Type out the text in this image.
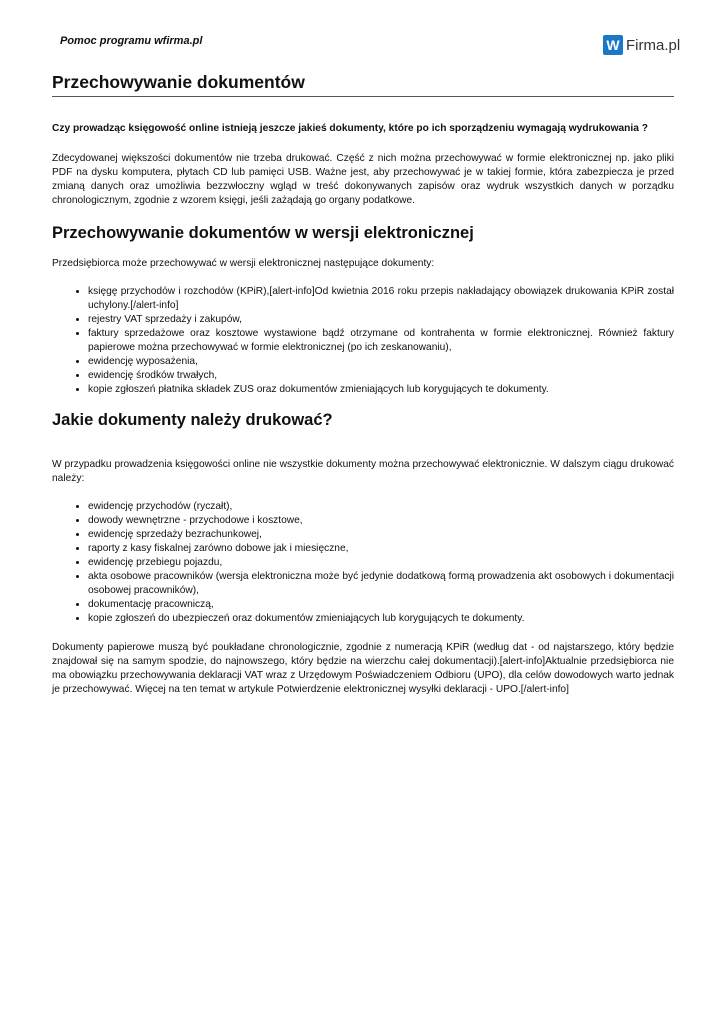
Pomoc programu wfirma.pl	W Firma.pl
Przechowywanie dokumentów

Czy prowadząc księgowość online istnieją jeszcze jakieś dokumenty, które po ich sporządzeniu wymagają wydrukowania ?

Zdecydowanej większości dokumentów nie trzeba drukować. Część z nich można przechowywać w formie elektronicznej np. jako pliki PDF na dysku komputera, płytach CD lub pamięci USB. Ważne jest, aby przechowywać je w takiej formie, która zabezpiecza je przed zmianą danych oraz umożliwia bezzwłoczny wgląd w treść dokonywanych zapisów oraz wydruk wszystkich danych w porządku chronologicznym, zgodnie z wzorem księgi, jeśli zażądają go organy podatkowe.

Przechowywanie dokumentów w wersji elektronicznej

Przedsiębiorca może przechowywać w wersji elektronicznej następujące dokumenty:

• księgę przychodów i rozchodów (KPiR),[alert-info]Od kwietnia 2016 roku przepis nakładający obowiązek drukowania KPiR został uchylony.[/alert-info]
• rejestry VAT sprzedaży i zakupów,
• faktury sprzedażowe oraz kosztowe wystawione bądź otrzymane od kontrahenta w formie elektronicznej. Również faktury papierowe można przechowywać w formie elektronicznej (po ich zeskanowaniu),
• ewidencję wyposażenia,
• ewidencję środków trwałych,
• kopie zgłoszeń płatnika składek ZUS oraz dokumentów zmieniających lub korygujących te dokumenty.
Jakie dokumenty należy drukować?

W przypadku prowadzenia księgowości online nie wszystkie dokumenty można przechowywać elektronicznie. W dalszym ciągu drukować należy:

• ewidencję przychodów (ryczałt),
• dowody wewnętrzne - przychodowe i kosztowe,
• ewidencję sprzedaży bezrachunkowej,
• raporty z kasy fiskalnej zarówno dobowe jak i miesięczne,
• ewidencję przebiegu pojazdu,
• akta osobowe pracowników (wersja elektroniczna może być jedynie dodatkową formą prowadzenia akt osobowych i dokumentacji osobowej pracowników),
• dokumentację pracowniczą,
• kopie zgłoszeń do ubezpieczeń oraz dokumentów zmieniających lub korygujących te dokumenty.

Dokumenty papierowe muszą być poukładane chronologicznie, zgodnie z numeracją KPiR (według dat - od najstarszego, który będzie znajdował się na samym spodzie, do najnowszego, który będzie na wierzchu całej dokumentacji).[alert-info]Aktualnie przedsiębiorca nie ma obowiązku przechowywania deklaracji VAT wraz z Urzędowym Poświadczeniem Odbioru (UPO), dla celów dowodowych warto jednak je przechowywać. Więcej na ten temat w artykule Potwierdzenie elektronicznej wysyłki deklaracji - UPO.[/alert-info]
